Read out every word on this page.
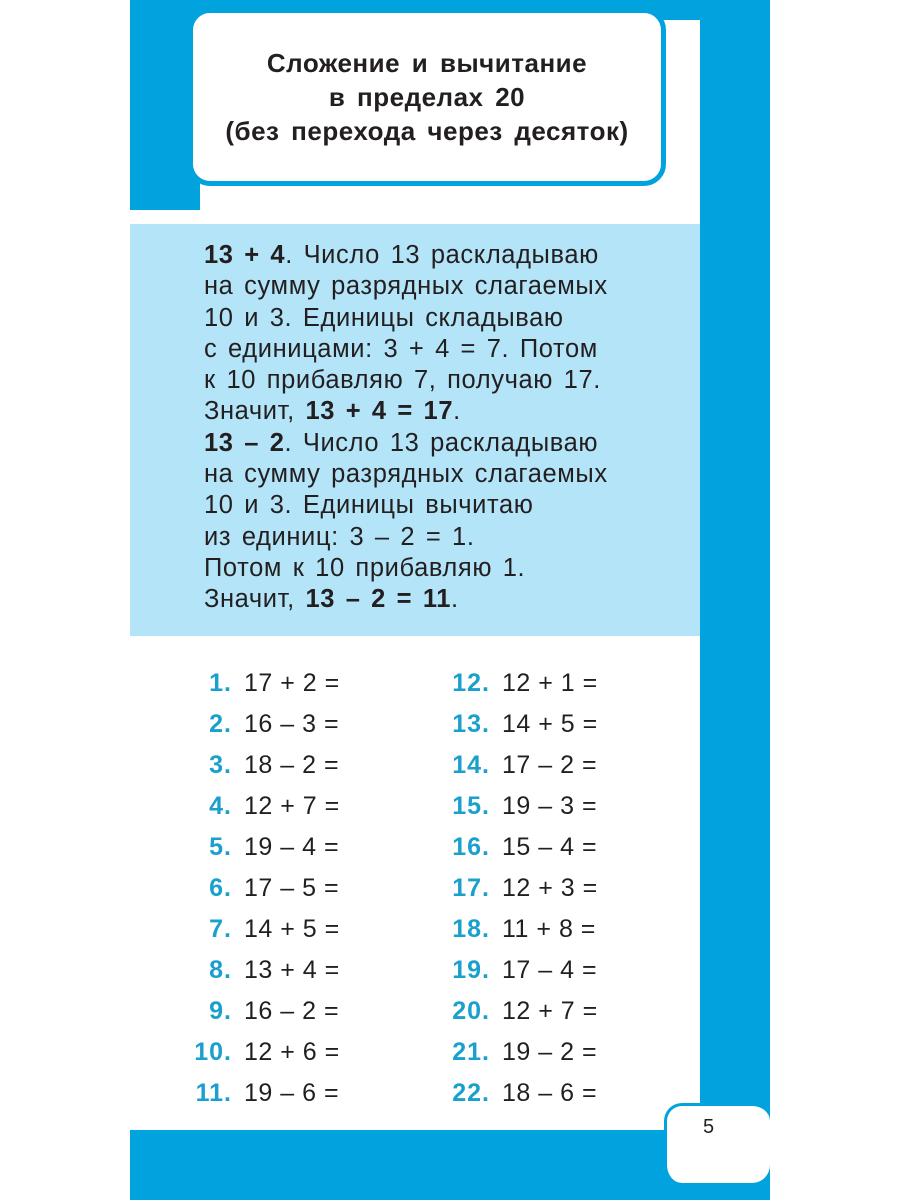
Сложение и вычитание
в пределах 20
(без перехода через десяток)
13 + 4. Число 13 раскладываю
на сумму разрядных слагаемых
10 и 3. Единицы складываю
с единицами: 3 + 4 = 7. Потом
к 10 прибавляю 7, получаю 17.
Значит, 13 + 4 = 17.
13 – 2. Число 13 раскладываю
на сумму разрядных слагаемых
10 и 3. Единицы вычитаю
из единиц: 3 – 2 = 1.
Потом к 10 прибавляю 1.
Значит, 13 – 2 = 11.
1. 17 + 2 =
2. 16 – 3 =
3. 18 – 2 =
4. 12 + 7 =
5. 19 – 4 =
6. 17 – 5 =
7. 14 + 5 =
8. 13 + 4 =
9. 16 – 2 =
10. 12 + 6 =
11. 19 – 6 =
12. 12 + 1 =
13. 14 + 5 =
14. 17 – 2 =
15. 19 – 3 =
16. 15 – 4 =
17. 12 + 3 =
18. 11 + 8 =
19. 17 – 4 =
20. 12 + 7 =
21. 19 – 2 =
22. 18 – 6 =
5
